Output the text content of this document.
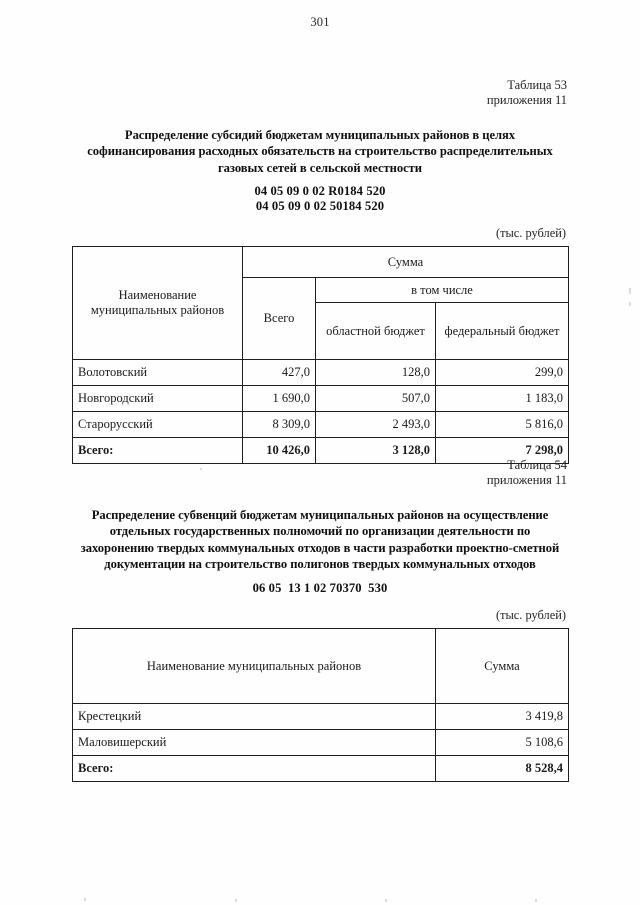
301
Таблица 53
приложения 11
Распределение субсидий бюджетам муниципальных районов в целях софинансирования расходных обязательств на строительство распределительных газовых сетей в сельской местности
04 05 09 0 02 R0184 520
04 05 09 0 02 50184 520
(тыс. рублей)
Наименование муниципальных районов	Сумма		
	Всего	в том числе	
		областной бюджет	федеральный бюджет
Волотовский	427,0	128,0	299,0
Новгородский	1 690,0	507,0	1 183,0
Старорусский	8 309,0	2 493,0	5 816,0
Всего:	10 426,0	3 128,0	7 298,0
Таблица 54
приложения 11
Распределение субвенций бюджетам муниципальных районов на осуществление отдельных государственных полномочий по организации деятельности по захоронению твердых коммунальных отходов в части разработки проектно-сметной документации на строительство полигонов твердых коммунальных отходов
06 05  13 1 02 70370  530
(тыс. рублей)
Наименование муниципальных районов	Сумма
Крестецкий	3 419,8
Маловишерский	5 108,6
Всего:	8 528,4
